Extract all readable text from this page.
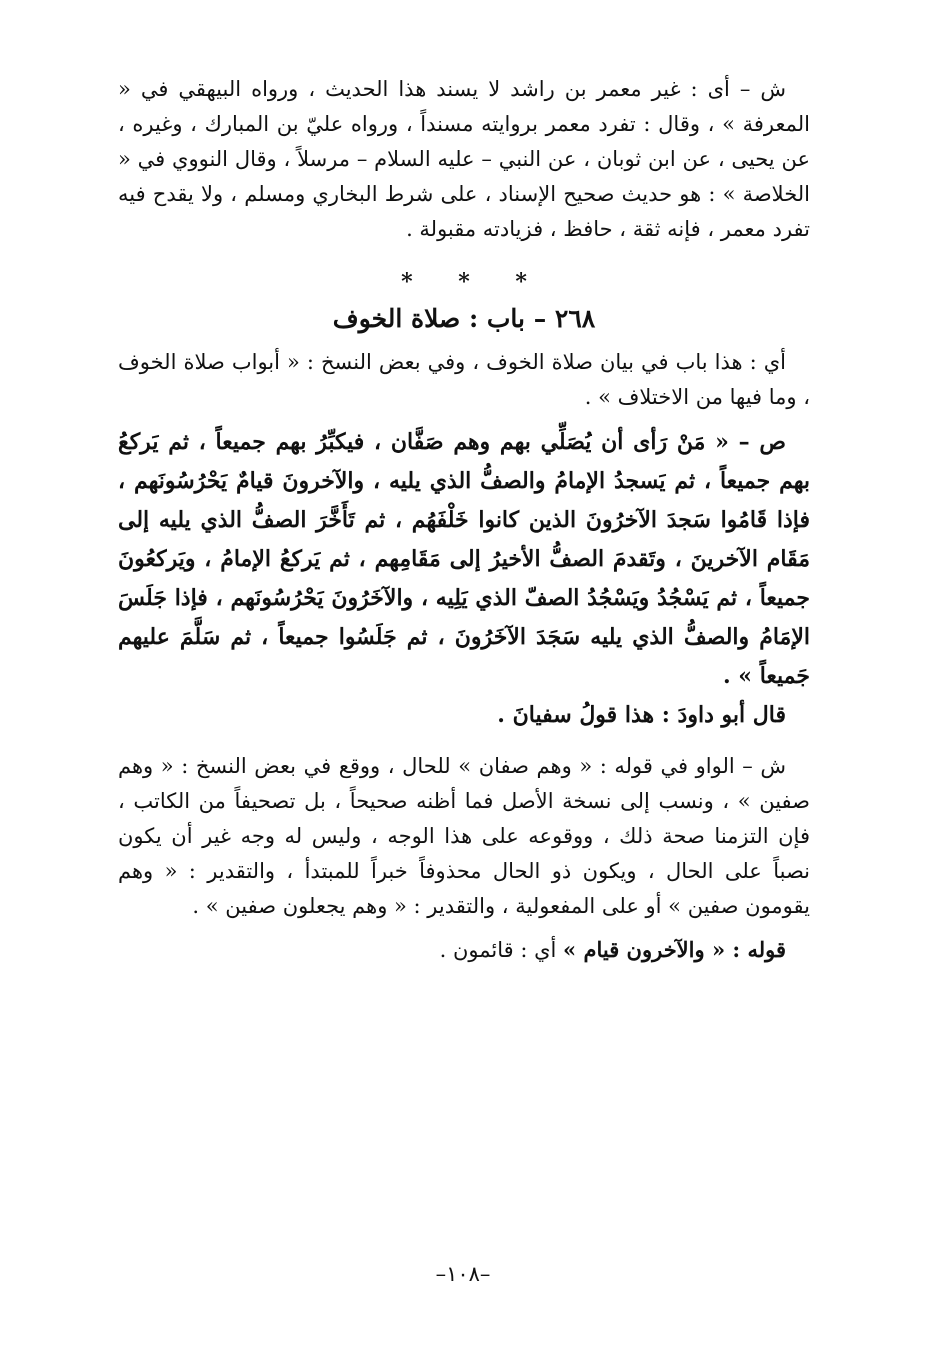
ش – أى : غير معمر بن راشد لا يسند هذا الحديث ، ورواه البيهقي في « المعرفة » ، وقال : تفرد معمر بروايته مسنداً ، ورواه عليّ بن المبارك ، وغيره ، عن يحيى ، عن ابن ثوبان ، عن النبي – عليه السلام – مرسلاً ، وقال النووي في « الخلاصة » : هو حديث صحيح الإسناد ، على شرط البخاري ومسلم ، ولا يقدح فيه تفرد معمر ، فإنه ثقة ، حافظ ، فزيادته مقبولة .

* * *
٢٦٨ – باب : صلاة الخوف

أي : هذا باب في بيان صلاة الخوف ، وفي بعض النسخ : « أبواب صلاة الخوف ، وما فيها من الاختلاف » .

ص – « مَنْ رَأى أن يُصَلِّي بهم وهم صَفَّان ، فيكبِّرُ بهم جميعاً ، ثم يَركعُ بهم جميعاً ، ثم يَسجدُ الإمامُ والصفُّ الذي يليه ، والآخرونَ قيامٌ يَحْرُسُونَهم ، فإذا قَامُوا سَجدَ الآخرُونَ الذين كانوا خَلْفَهُم ، ثم تَأَخَّرَ الصفُّ الذي يليه إلى مَقَام الآخرينَ ، وتَقدمَ الصفُّ الأخيرُ إلى مَقَامِهم ، ثم يَركعُ الإمامُ ، ويَركعُونَ جميعاً ، ثم يَسْجُدُ ويَسْجُدُ الصفّ الذي يَلِيه ، والآخَرُونَ يَحْرُسُونَهم ، فإذا جَلَسَ الإمَامُ والصفُّ الذي يليه سَجَدَ الآخَرُونَ ، ثم جَلَسُوا جميعاً ، ثم سَلَّمَ عليهم جَميعاً » .

قال أبو داودَ : هذا قولُ سفيانَ .

ش – الواو في قوله : « وهم صفان » للحال ، ووقع في بعض النسخ : « وهم صفين » ، ونسب إلى نسخة الأصل فما أظنه صحيحاً ، بل تصحيفاً من الكاتب ، فإن التزمنا صحة ذلك ، ووقوعه على هذا الوجه ، وليس له وجه غير أن يكون نصباً على الحال ، ويكون ذو الحال محذوفاً خبراً للمبتدأ ، والتقدير : « وهم يقومون صفين » أو على المفعولية ، والتقدير : « وهم يجعلون صفين » .

قوله : « والآخرون قيام » أي : قائمون .

–١٠٨–
